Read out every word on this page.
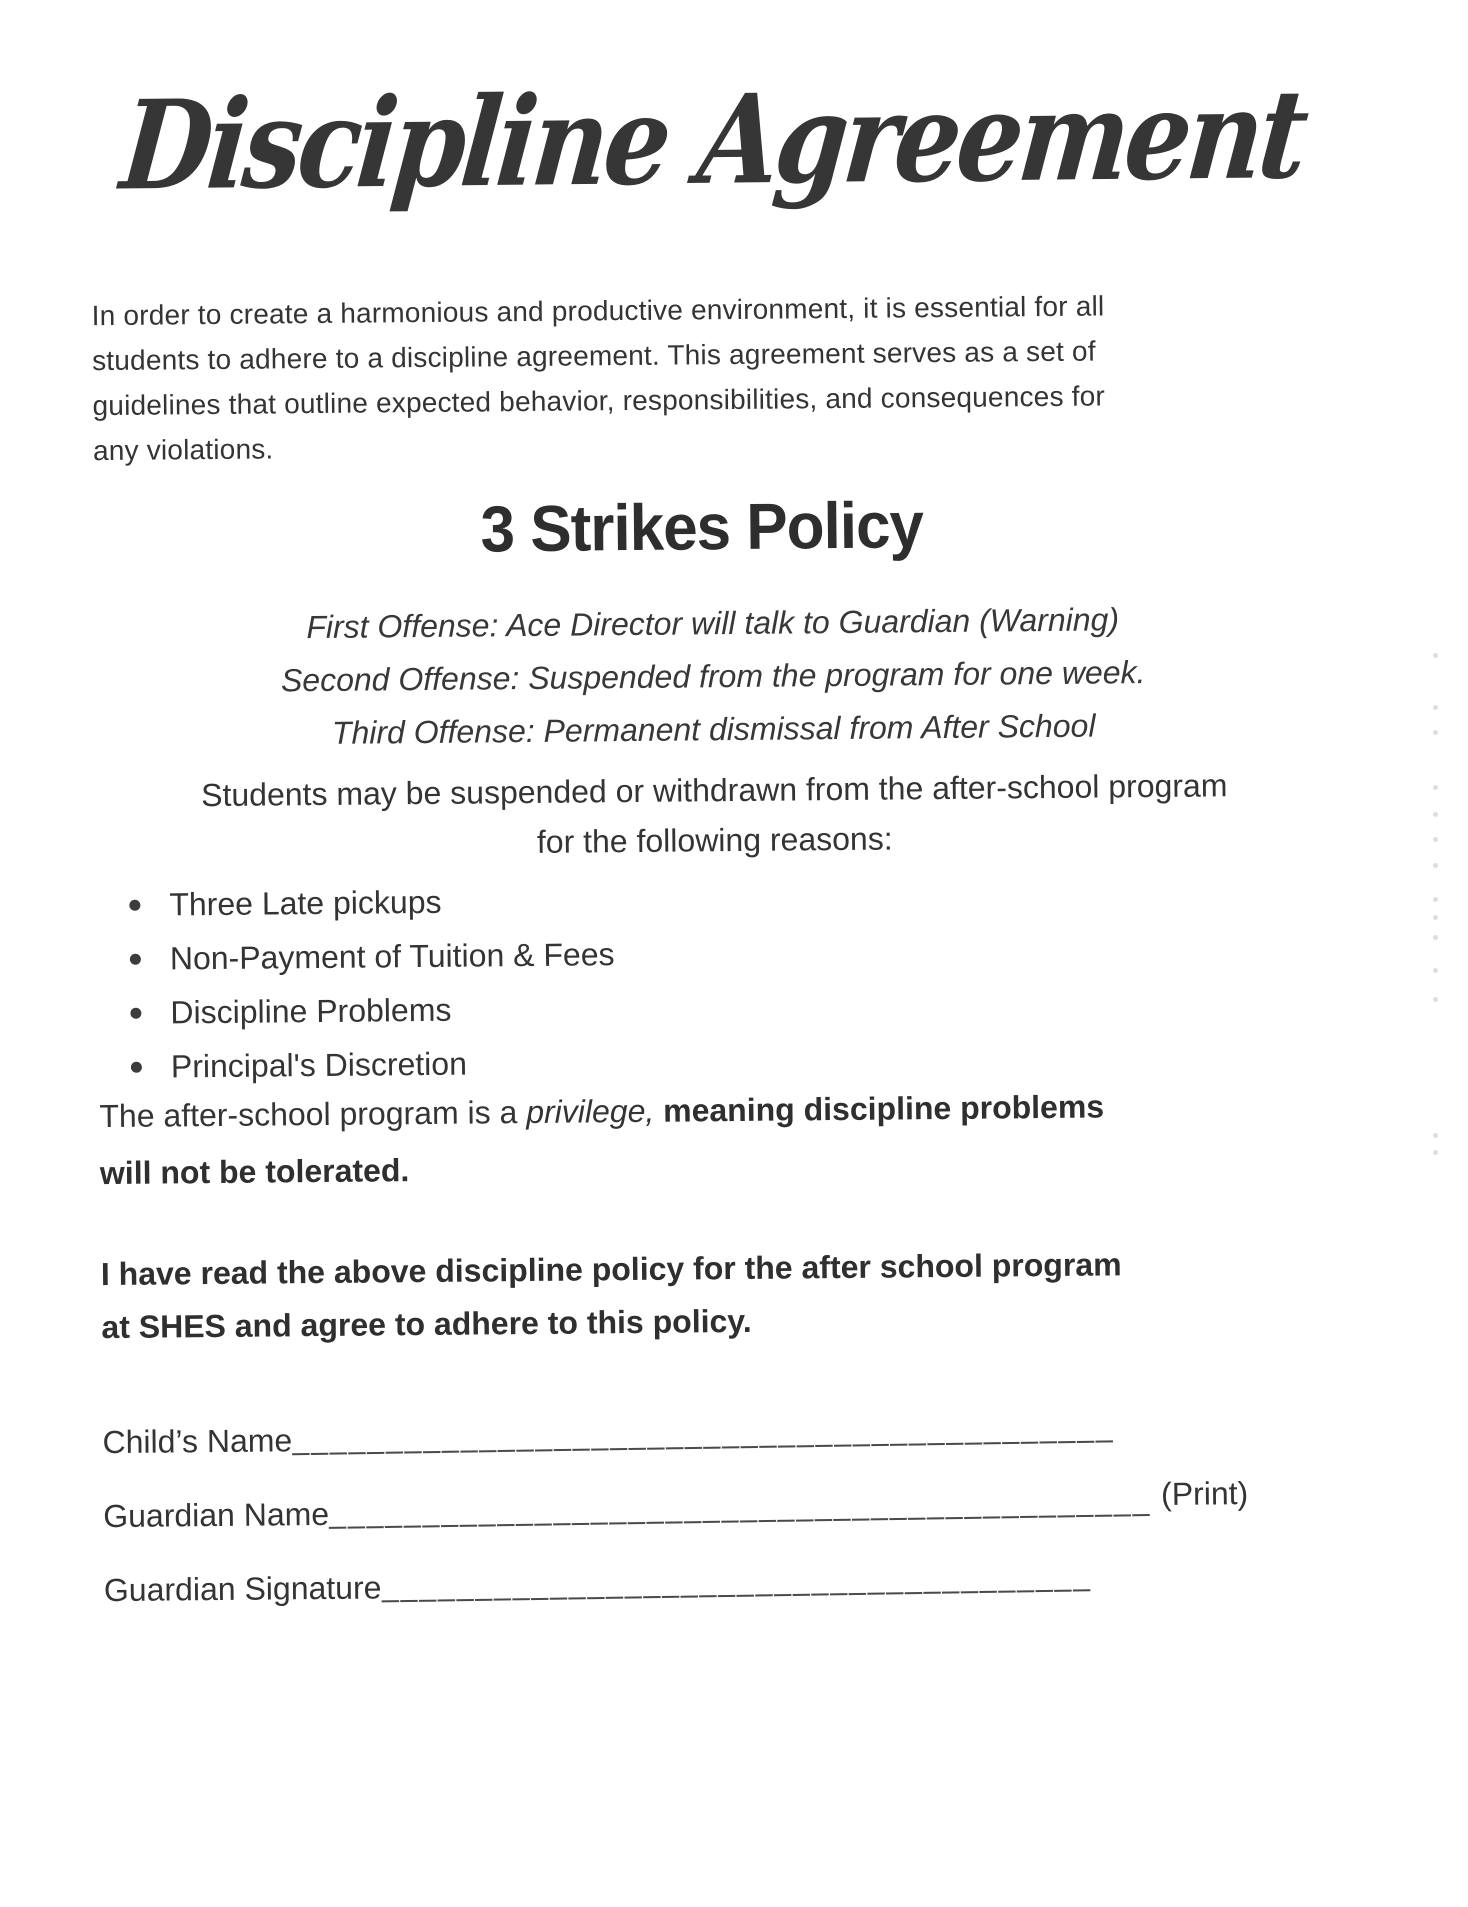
Discipline Agreement
In order to create a harmonious and productive environment, it is essential for all
students to adhere to a discipline agreement. This agreement serves as a set of
guidelines that outline expected behavior, responsibilities, and consequences for
any violations.
3 Strikes Policy
First Offense: Ace Director will talk to Guardian (Warning)
Second Offense: Suspended from the program for one week.
Third Offense: Permanent dismissal from After School
Students may be suspended or withdrawn from the after-school program
for the following reasons:
Three Late pickups
Non-Payment of Tuition & Fees
Discipline Problems
Principal's Discretion
The after-school program is a privilege, meaning discipline problems
will not be tolerated.
I have read the above discipline policy for the after school program
at SHES and agree to adhere to this policy.
Child’s Name____________________________________________
Guardian Name____________________________________________ (Print)
Guardian Signature______________________________________
